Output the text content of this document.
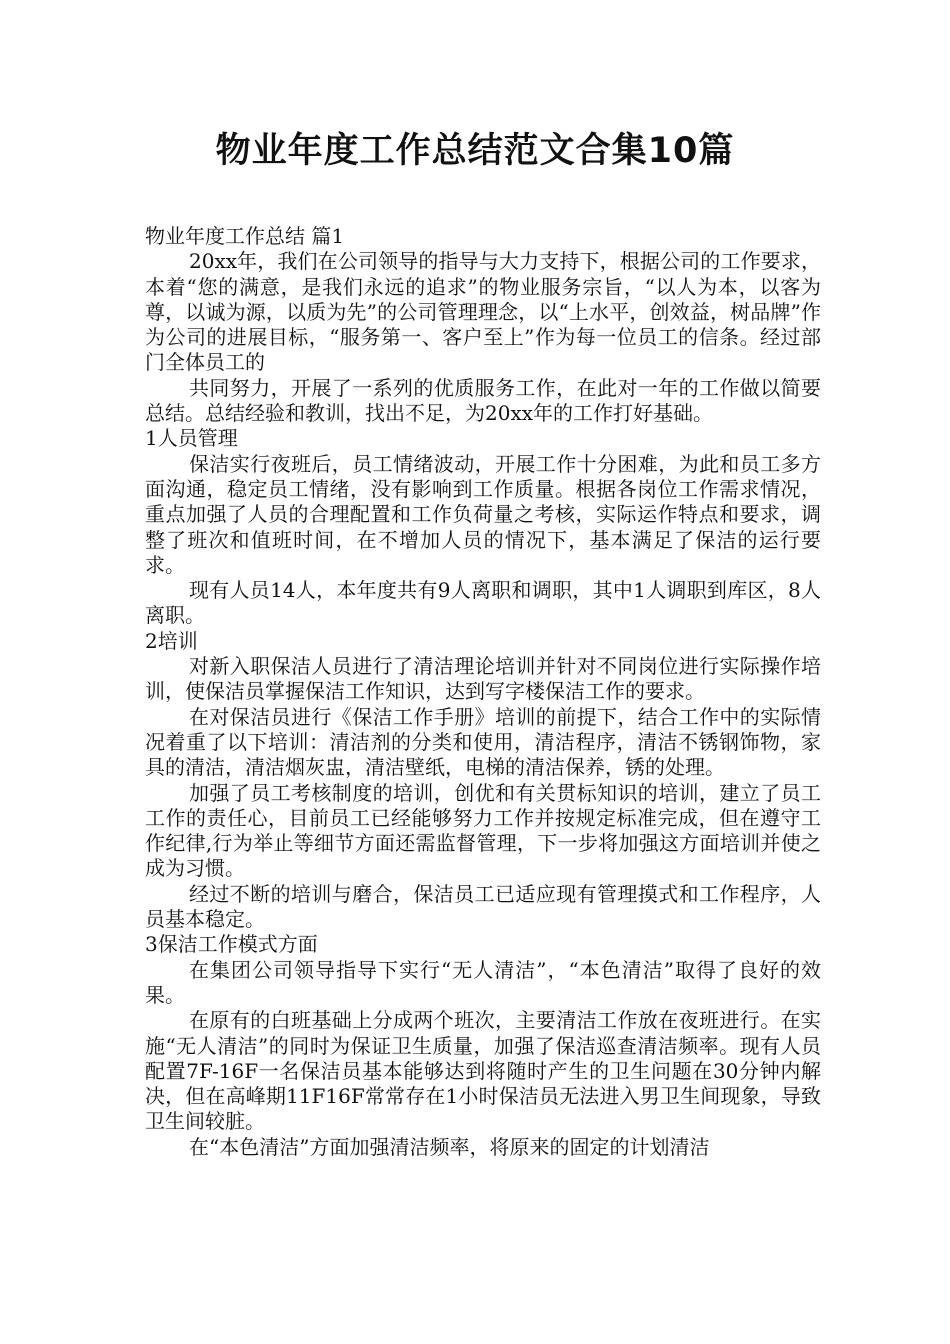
物业年度工作总结范文合集10篇

物业年度工作总结 篇1

20xx年，我们在公司领导的指导与大力支持下，根据公司的工作要求，本着“您的满意，是我们永远的追求”的物业服务宗旨，“以人为本，以客为尊，以诚为源，以质为先”的公司管理理念，以“上水平，创效益，树品牌”作为公司的进展目标，“服务第一、客户至上”作为每一位员工的信条。经过部门全体员工的

共同努力，开展了一系列的优质服务工作，在此对一年的工作做以简要总结。总结经验和教训，找出不足，为20xx年的工作打好基础。

1人员管理

保洁实行夜班后，员工情绪波动，开展工作十分困难，为此和员工多方面沟通，稳定员工情绪，没有影响到工作质量。根据各岗位工作需求情况，重点加强了人员的合理配置和工作负荷量之考核，实际运作特点和要求，调整了班次和值班时间，在不增加人员的情况下，基本满足了保洁的运行要求。

现有人员14人，本年度共有9人离职和调职，其中1人调职到库区，8人离职。

2培训

对新入职保洁人员进行了清洁理论培训并针对不同岗位进行实际操作培训，使保洁员掌握保洁工作知识，达到写字楼保洁工作的要求。

在对保洁员进行《保洁工作手册》培训的前提下，结合工作中的实际情况着重了以下培训：清洁剂的分类和使用，清洁程序，清洁不锈钢饰物，家具的清洁，清洁烟灰盅，清洁壁纸，电梯的清洁保养，锈的处理。

加强了员工考核制度的培训，创优和有关贯标知识的培训，建立了员工工作的责任心，目前员工已经能够努力工作并按规定标准完成，但在遵守工作纪律,行为举止等细节方面还需监督管理，下一步将加强这方面培训并使之成为习惯。

经过不断的培训与磨合，保洁员工已适应现有管理摸式和工作程序，人员基本稳定。

3保洁工作模式方面

在集团公司领导指导下实行“无人清洁”，“本色清洁”取得了良好的效果。

在原有的白班基础上分成两个班次，主要清洁工作放在夜班进行。在实施“无人清洁”的同时为保证卫生质量，加强了保洁巡查清洁频率。现有人员配置7F-16F一名保洁员基本能够达到将随时产生的卫生问题在30分钟内解决，但在高峰期11F16F常常存在1小时保洁员无法进入男卫生间现象，导致卫生间较脏。

在“本色清洁”方面加强清洁频率，将原来的固定的计划清洁
